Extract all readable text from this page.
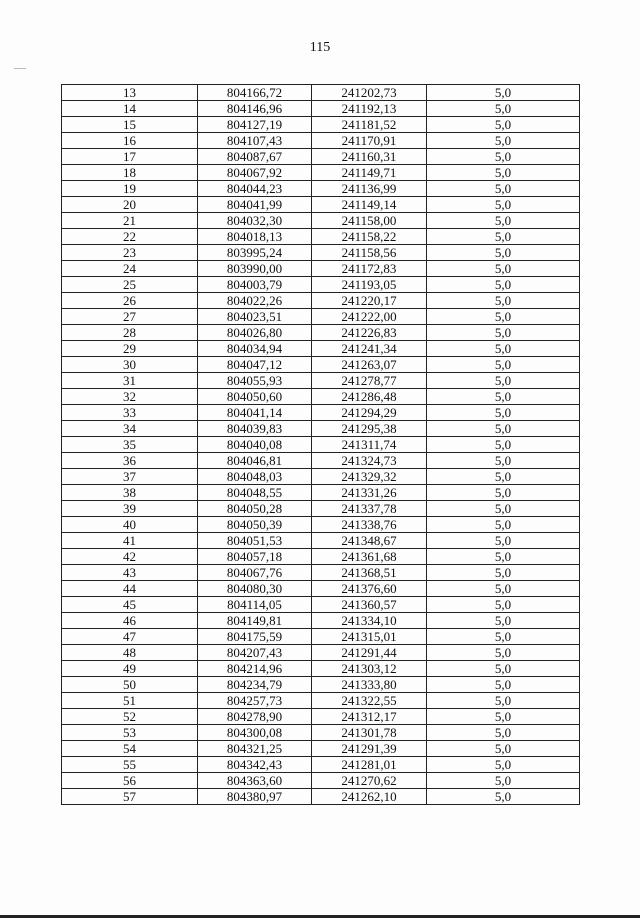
115
13	804166,72	241202,73	5,0
14	804146,96	241192,13	5,0
15	804127,19	241181,52	5,0
16	804107,43	241170,91	5,0
17	804087,67	241160,31	5,0
18	804067,92	241149,71	5,0
19	804044,23	241136,99	5,0
20	804041,99	241149,14	5,0
21	804032,30	241158,00	5,0
22	804018,13	241158,22	5,0
23	803995,24	241158,56	5,0
24	803990,00	241172,83	5,0
25	804003,79	241193,05	5,0
26	804022,26	241220,17	5,0
27	804023,51	241222,00	5,0
28	804026,80	241226,83	5,0
29	804034,94	241241,34	5,0
30	804047,12	241263,07	5,0
31	804055,93	241278,77	5,0
32	804050,60	241286,48	5,0
33	804041,14	241294,29	5,0
34	804039,83	241295,38	5,0
35	804040,08	241311,74	5,0
36	804046,81	241324,73	5,0
37	804048,03	241329,32	5,0
38	804048,55	241331,26	5,0
39	804050,28	241337,78	5,0
40	804050,39	241338,76	5,0
41	804051,53	241348,67	5,0
42	804057,18	241361,68	5,0
43	804067,76	241368,51	5,0
44	804080,30	241376,60	5,0
45	804114,05	241360,57	5,0
46	804149,81	241334,10	5,0
47	804175,59	241315,01	5,0
48	804207,43	241291,44	5,0
49	804214,96	241303,12	5,0
50	804234,79	241333,80	5,0
51	804257,73	241322,55	5,0
52	804278,90	241312,17	5,0
53	804300,08	241301,78	5,0
54	804321,25	241291,39	5,0
55	804342,43	241281,01	5,0
56	804363,60	241270,62	5,0
57	804380,97	241262,10	5,0
